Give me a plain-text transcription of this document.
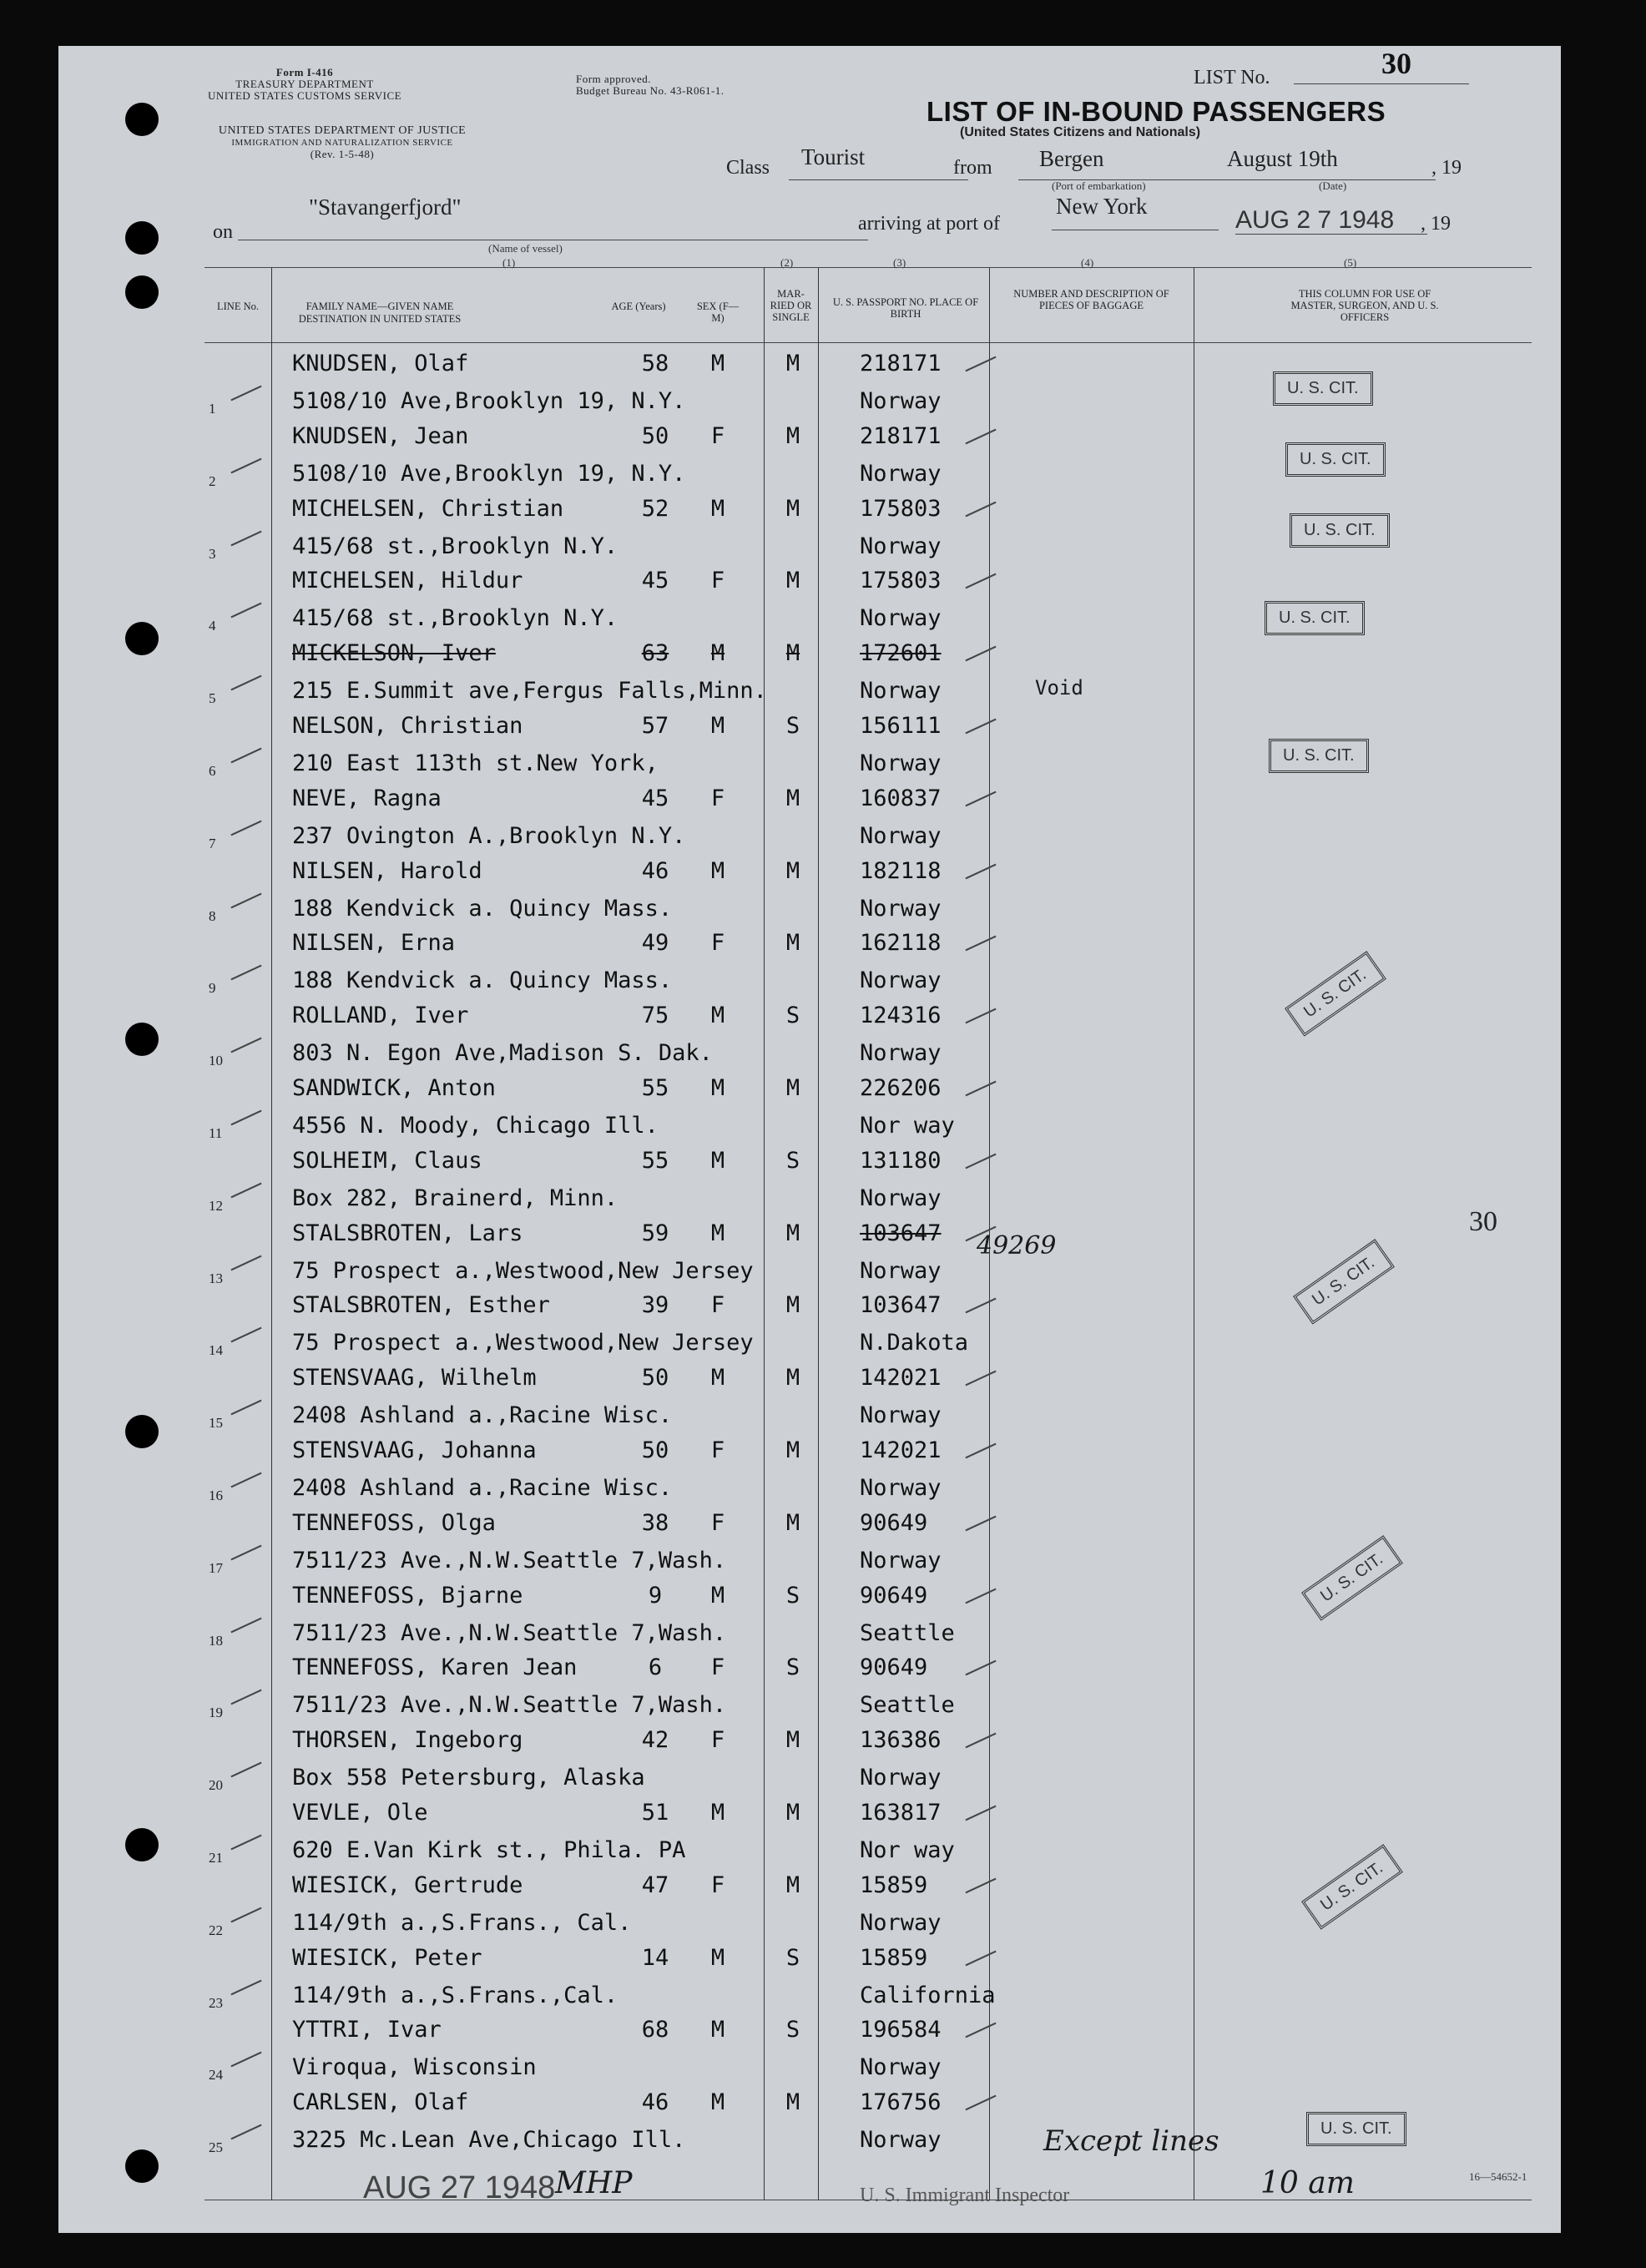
Form I-416
TREASURY DEPARTMENT
UNITED STATES CUSTOMS SERVICE
Form approved.
Budget Bureau No. 43-R061-1.
UNITED STATES DEPARTMENT OF JUSTICE
IMMIGRATION AND NATURALIZATION SERVICE
(Rev. 1-5-48)
LIST No.	30
LIST OF IN-BOUND PASSENGERS
(United States Citizens and Nationals)
Class Tourist	from Bergen	August 19th	, 19
(Port of embarkation)	(Date)
on
"Stavangerfjord"
arriving at port of
New York	AUG 2 7 1948 , 19
(Name of vessel)
(1)	(2)	(3)	(4)	(5)
LINE No.	FAMILY NAME—GIVEN NAME
DESTINATION IN UNITED STATES
AGE (Years)	SEX (F—M)
MAR-RIED OR SINGLE
U. S. PASSPORT NO. PLACE OF BIRTH
NUMBER AND DESCRIPTION OF PIECES OF BAGGAGE
THIS COLUMN FOR USE OF MASTER, SURGEON, AND U. S. OFFICERS
1
KNUDSEN, Olaf
5108/10 Ave,Brooklyn 19, N.Y.
58	M	M	218171
Norway
2
KNUDSEN, Jean
5108/10 Ave,Brooklyn 19, N.Y.
50	F	M	218171
Norway
3
MICHELSEN, Christian
415/68 st.,Brooklyn N.Y.
52	M	M	175803
Norway
4
MICHELSEN, Hildur
415/68 st.,Brooklyn N.Y.
45	F	M	175803
Norway
5
MICKELSON, Iver
215 E.Summit ave,Fergus Falls,Minn.
63	M	M	172601
Norway
6
NELSON, Christian
210 East 113th st.New York,
57	M	S	156111
Norway
7
NEVE, Ragna
237 Ovington A.,Brooklyn N.Y.
45	F	M	160837
Norway
8
NILSEN, Harold
188 Kendvick a. Quincy Mass.
46	M	M	182118
Norway
9
NILSEN, Erna
188 Kendvick a. Quincy Mass.
49	F	M	162118
Norway
10
ROLLAND, Iver
803 N. Egon Ave,Madison S. Dak.
75	M	S	124316
Norway
11
SANDWICK, Anton
4556 N. Moody, Chicago Ill.
55	M	M	226206
Nor way
12
SOLHEIM, Claus
Box 282, Brainerd, Minn.
55	M	S	131180
Norway
13
STALSBROTEN, Lars
75 Prospect a.,Westwood,New Jersey
59	M	M	103647
Norway
14
STALSBROTEN, Esther
75 Prospect a.,Westwood,New Jersey
39	F	M	103647
N.Dakota
15
STENSVAAG, Wilhelm
2408 Ashland a.,Racine Wisc.
50	M	M	142021
Norway
16
STENSVAAG, Johanna
2408 Ashland a.,Racine Wisc.
50	F	M	142021
Norway
17
TENNEFOSS, Olga
7511/23 Ave.,N.W.Seattle 7,Wash.
38	F	M	90649
Norway
18
TENNEFOSS, Bjarne
7511/23 Ave.,N.W.Seattle 7,Wash.
9	M	S	90649
Seattle
19
TENNEFOSS, Karen Jean
7511/23 Ave.,N.W.Seattle 7,Wash.
6	F	S	90649
Seattle
20
THORSEN, Ingeborg
Box 558 Petersburg, Alaska
42	F	M	136386
Norway
21
VEVLE, Ole
620 E.Van Kirk st., Phila. PA
51	M	M	163817
Nor way
22
WIESICK, Gertrude
114/9th a.,S.Frans., Cal.
47	F	M	15859
Norway
23
WIESICK, Peter
114/9th a.,S.Frans.,Cal.
14	M	S	15859
California
24
YTTRI, Ivar
Viroqua, Wisconsin
68	M	S	196584
Norway
25
CARLSEN, Olaf
3225 Mc.Lean Ave,Chicago Ill.
46	M	M	176756
Norway
Void
49269
30
Except lines
U. S. CIT.
U. S. CIT.
U. S. CIT.
U. S. CIT.
U. S. CIT.
U. S. CIT.
U. S. CIT.
U. S. CIT.
U. S. CIT.
U. S. CIT.
AUG 27 1948 MHP	U. S. Immigrant Inspector	10 am	16—54652-1
